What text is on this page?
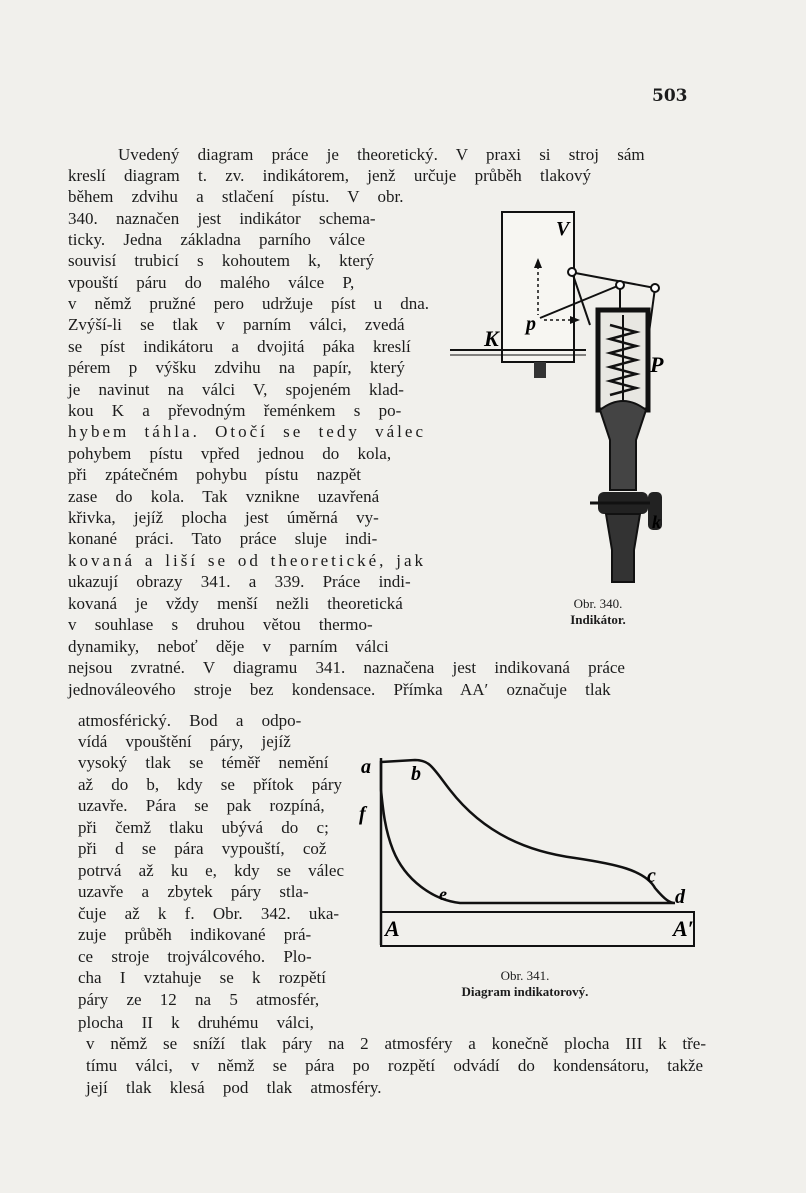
503
Uvedený diagram práce je theoretický. V praxi si stroj sám
kreslí diagram t. zv. indikátorem, jenž určuje průběh tlakový
během zdvihu a stlačení pístu. V obr.
340. naznačen jest indikátor schema-
ticky. Jedna základna parního válce
souvisí trubicí s kohoutem k, který
vpouští páru do malého válce P,
v němž pružné pero udržuje píst u dna.
Zvýší-li se tlak v parním válci, zvedá
se píst indikátoru a dvojitá páka kreslí
pérem p výšku zdvihu na papír, který
je navinut na válci V, spojeném klad-
kou K a převodným řeménkem s po-
hybem táhla. Otočí se tedy válec
pohybem pístu vpřed jednou do kola,
při zpátečném pohybu pístu nazpět
zase do kola. Tak vznikne uzavřená
křivka, jejíž plocha jest úměrná vy-
konané práci. Tato práce sluje indi-
kovaná a liší se od theoretické, jak
ukazují obrazy 341. a 339. Práce indi-
kovaná je vždy menší nežli theoretická
v souhlase s druhou větou thermo-
dynamiky, neboť děje v parním válci
nejsou zvratné. V diagramu 341. naznačena jest indikovaná práce
jednováleového stroje bez kondensace. Přímka AA′ označuje tlak
atmosférický. Bod a odpo-
vídá vpouštění páry, jejíž
vysoký tlak se téměř nemění
až do b, kdy se přítok páry
uzavře. Pára se pak rozpíná,
při čemž tlaku ubývá do c;
při d se pára vypouští, což
potrvá až ku e, kdy se válec
uzavře a zbytek páry stla-
čuje až k f. Obr. 342. uka-
zuje průběh indikované prá-
ce stroje trojválcového. Plo-
cha I vztahuje se k rozpětí
páry ze 12 na 5 atmosfér,
plocha II k druhému válci,
v němž se sníží tlak páry na 2 atmosféry a konečně plocha III k tře-
tímu válci, v němž se pára po rozpětí odvádí do kondensátoru, takže
její tlak klesá pod tlak atmosféry.
V
K
p
P
k
Obr. 340.
Indikátor.
a b
c
d
e
f
A	A′
Obr. 341.
Diagram indikatorový.
